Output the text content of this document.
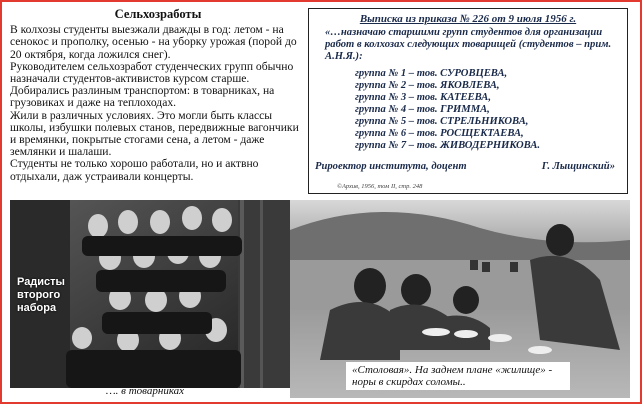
Сельхозработы

В колхозы студенты выезжали дважды в год: летом - на сенокос и прополку, осенью - на уборку урожая (порой до 20 октября, когда ложился снег).

Руководителем сельхозработ студенческих групп обычно назначали студентов-активистов курсом старше.

Добирались разлиным транспортом: в товарниках, на грузовиках и даже на теплоходах.

Жили в различных условиях. Это могли быть классы школы, избушки полевых станов, передвижные вагончики и времянки, покрытые стогами сена, а летом - даже землянки и шалаши.

Студенты не только хорошо работали, но и актвно отдыхали, даж устраивали концерты.

Выписка из приказа № 226 от 9 июля 1956 г.
«…назначаю старшими групп студентов для организации работ в колхозах следующих товарищей (студентов – прим. А.Н.Я.):
группа № 1 – тов. СУРОВЦЕВА,
группа № 2 – тов. ЯКОВЛЕВА,
группа № 3 – тов. КАТЕЕВА,
группа № 4 – тов. ГРИММА,
группа № 5 – тов. СТРЕЛЬНИКОВА,
группа № 6 – тов. РОСЩЕКТАЕВА,
группа № 7 – тов. ЖИВОДЕРНИКОВА.
Рироектор института, доцент	Г. Лыщинский»
©Архив, 1956, том II, стр. 248
Радисты второго набора
…. в товарниках
«Столовая». На заднем плане «жилище» - норы в скирдах соломы..
